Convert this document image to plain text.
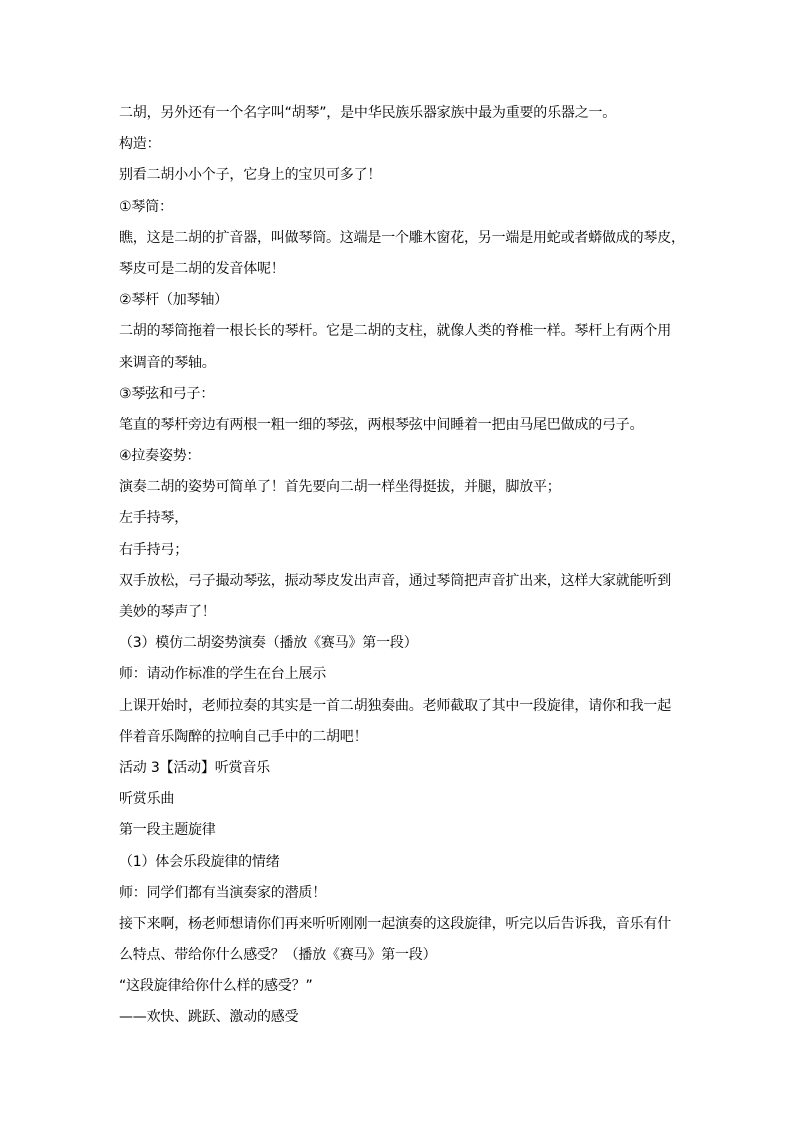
二胡，另外还有一个名字叫“胡琴”，是中华民族乐器家族中最为重要的乐器之一。

构造：

别看二胡小小个子，它身上的宝贝可多了！

①琴筒：

瞧，这是二胡的扩音器，叫做琴筒。这端是一个雕木窗花，另一端是用蛇或者蟒做成的琴皮，

琴皮可是二胡的发音体呢！

②琴杆（加琴轴）

二胡的琴筒拖着一根长长的琴杆。它是二胡的支柱，就像人类的脊椎一样。琴杆上有两个用

来调音的琴轴。

③琴弦和弓子：

笔直的琴杆旁边有两根一粗一细的琴弦，两根琴弦中间睡着一把由马尾巴做成的弓子。

④拉奏姿势：

演奏二胡的姿势可简单了！首先要向二胡一样坐得挺拔，并腿，脚放平；

左手持琴，

右手持弓；

双手放松，弓子撮动琴弦，振动琴皮发出声音，通过琴筒把声音扩出来，这样大家就能听到

美妙的琴声了！

（3）模仿二胡姿势演奏（播放《赛马》第一段）

师：请动作标准的学生在台上展示

上课开始时，老师拉奏的其实是一首二胡独奏曲。老师截取了其中一段旋律，请你和我一起

伴着音乐陶醉的拉响自己手中的二胡吧！

活动 3【活动】听赏音乐

听赏乐曲

第一段主题旋律

（1）体会乐段旋律的情绪

师：同学们都有当演奏家的潜质！

接下来啊，杨老师想请你们再来听听刚刚一起演奏的这段旋律，听完以后告诉我，音乐有什

么特点、带给你什么感受？（播放《赛马》第一段）

“这段旋律给你什么样的感受？”

——欢快、跳跃、激动的感受
